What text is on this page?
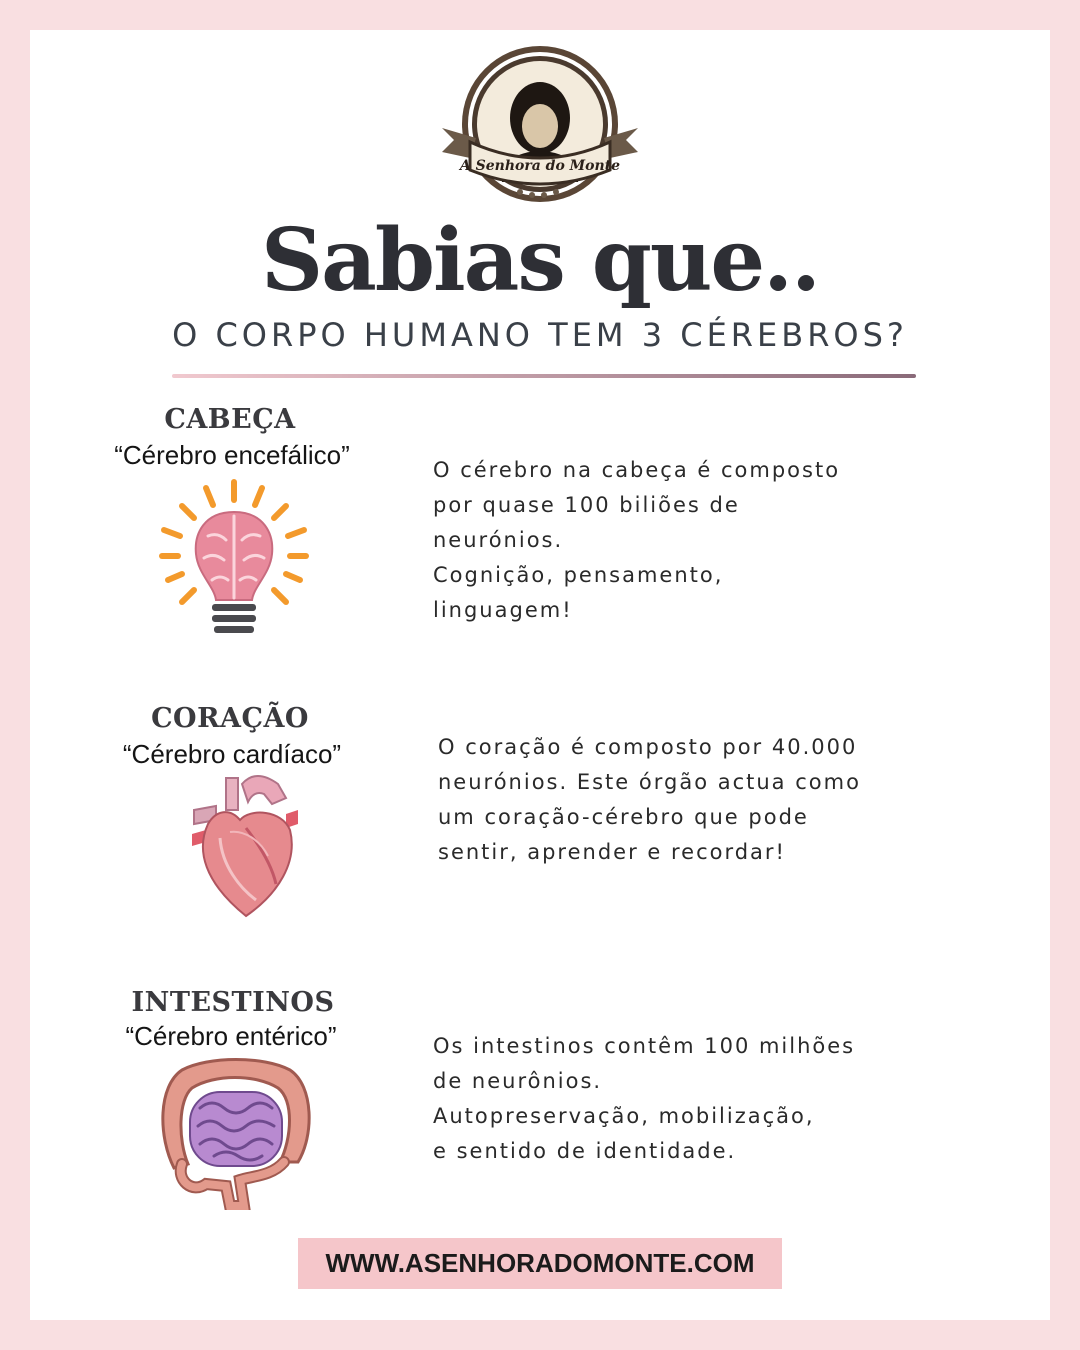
A Senhora do Monte
Sabias que..

O CORPO HUMANO TEM 3 CÉREBROS?

CABEÇA

“Cérebro encefálico”	O cérebro na cabeça é composto
por quase 100 biliões de
neurónios.
Cognição, pensamento,
linguagem!

CORAÇÃO

“Cérebro cardíaco”	O coração é composto por 40.000
neurónios. Este órgão actua como
um coração-cérebro que pode
sentir, aprender e recordar!

INTESTINOS

“Cérebro entérico”	Os intestinos contêm 100 milhões
de neurônios.
Autopreservação, mobilização,
e sentido de identidade.

WWW.ASENHORADOMONTE.COM
